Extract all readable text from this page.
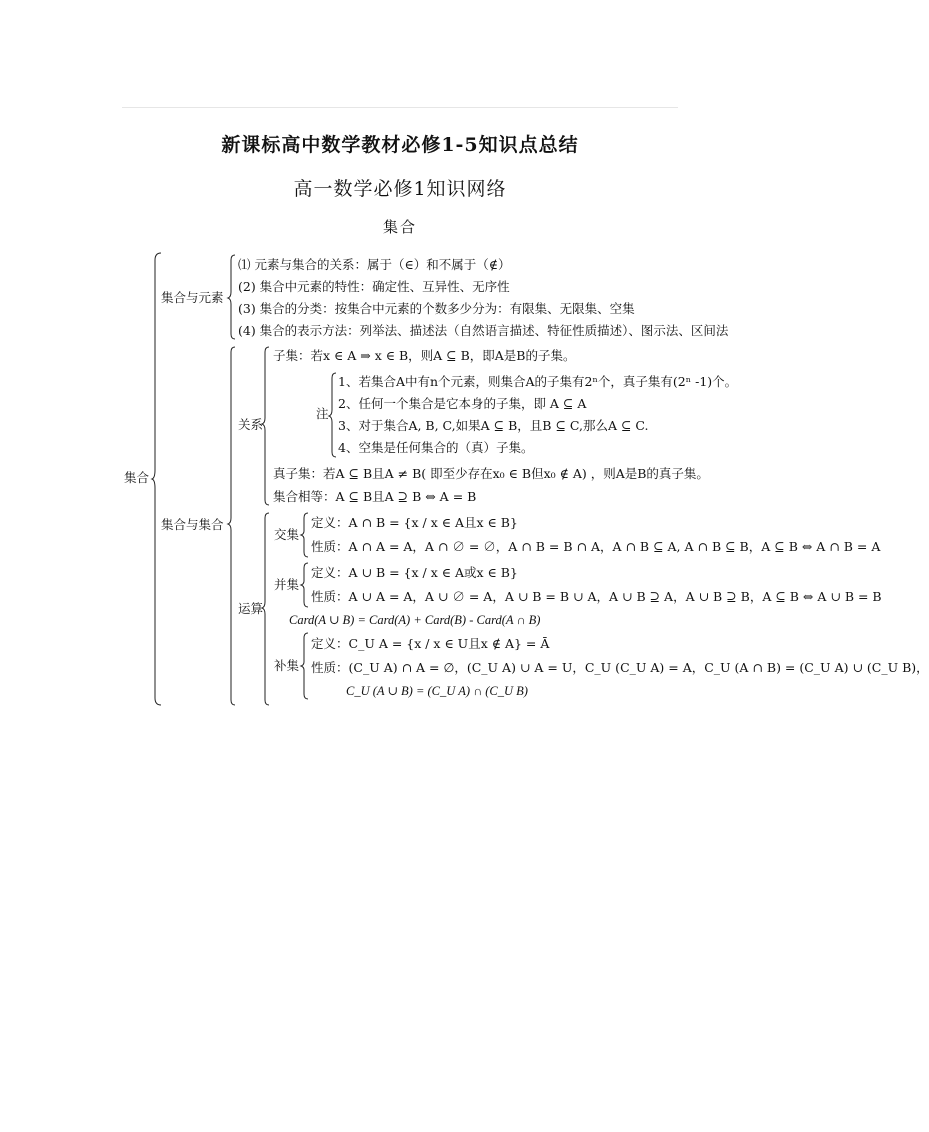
新课标高中数学教材必修1-5知识点总结
高一数学必修1知识网络
集合
集合
集合与元素
⑴ 元素与集合的关系：属于（∈）和不属于（∉）
(2) 集合中元素的特性：确定性、互异性、无序性
(3) 集合的分类：按集合中元素的个数多少分为：有限集、无限集、空集
(4) 集合的表示方法：列举法、描述法（自然语言描述、特征性质描述）、图示法、区间法
集合与集合
关系
子集：若x ∈ A ⇒ x ∈ B，则A ⊆ B，即A是B的子集。
注
1、若集合A中有n个元素，则集合A的子集有2ⁿ个，真子集有(2ⁿ -1)个。
2、任何一个集合是它本身的子集，即 A ⊆ A
3、对于集合A, B, C,如果A ⊆ B，且B ⊆ C,那么A ⊆ C.
4、空集是任何集合的（真）子集。
真子集：若A ⊆ B且A ≠ B( 即至少存在x₀ ∈ B但x₀ ∉ A) ，则A是B的真子集。
集合相等：A ⊆ B且A ⊇ B ⇔ A = B
运算
交集
定义：A ∩ B = {x / x ∈ A且x ∈ B}
性质：A ∩ A = A，A ∩ ∅ = ∅，A ∩ B = B ∩ A，A ∩ B ⊆ A, A ∩ B ⊆ B，A ⊆ B ⇔ A ∩ B = A
并集
定义：A ∪ B = {x / x ∈ A或x ∈ B}
性质：A ∪ A = A，A ∪ ∅ = A，A ∪ B = B ∪ A，A ∪ B ⊇ A，A ∪ B ⊇ B，A ⊆ B ⇔ A ∪ B = B
Card(A ∪ B) = Card(A) + Card(B) - Card(A ∩ B)
补集
定义：C_U A = {x / x ∈ U且x ∉ A} = Ā
性质：(C_U A) ∩ A = ∅，(C_U A) ∪ A = U，C_U (C_U A) = A，C_U (A ∩ B) = (C_U A) ∪ (C_U B)，
C_U (A ∪ B) = (C_U A) ∩ (C_U B)
